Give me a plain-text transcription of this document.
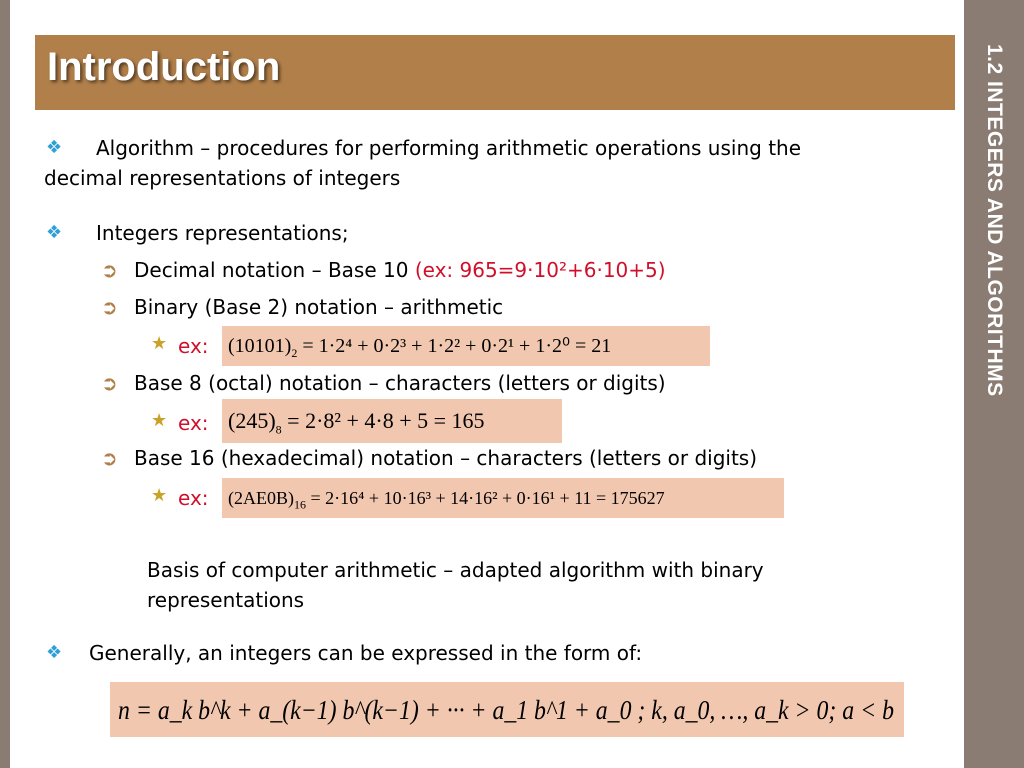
1.2 INTEGERS AND ALGORITHMS
Introduction
❖ Algorithm – procedures for performing arithmetic operations using the
decimal representations of integers
❖ Integers representations;
➲ Decimal notation – Base 10 (ex: 965=9·10²+6·10+5)
➲ Binary (Base 2) notation – arithmetic
★ ex: $(10101)_2 = 1\cdot 2^4 + 0\cdot 2^3 + 1\cdot 2^2 + 0\cdot 2^1 + 1\cdot 2^0 = 21$
➲ Base 8 (octal) notation – characters (letters or digits)
★ ex: $(245)_8 = 2\cdot 8^2 + 4\cdot 8 + 5 = 165$
➲ Base 16 (hexadecimal) notation – characters (letters or digits)
★ ex:	$(2AE0B)_{16} = 2\cdot 16^4 + 10\cdot 16^3 + 14\cdot 16^2 + 0\cdot 16^1 + 11 = 175627$
Basis of computer arithmetic – adapted algorithm with binary
representations
❖ Generally, an integers can be expressed in the form of:
n = a_k b^k + a_(k−1) b^(k−1) + ··· + a_1 b^1 + a_0 ; k, a_0, …, a_k > 0; a < b
